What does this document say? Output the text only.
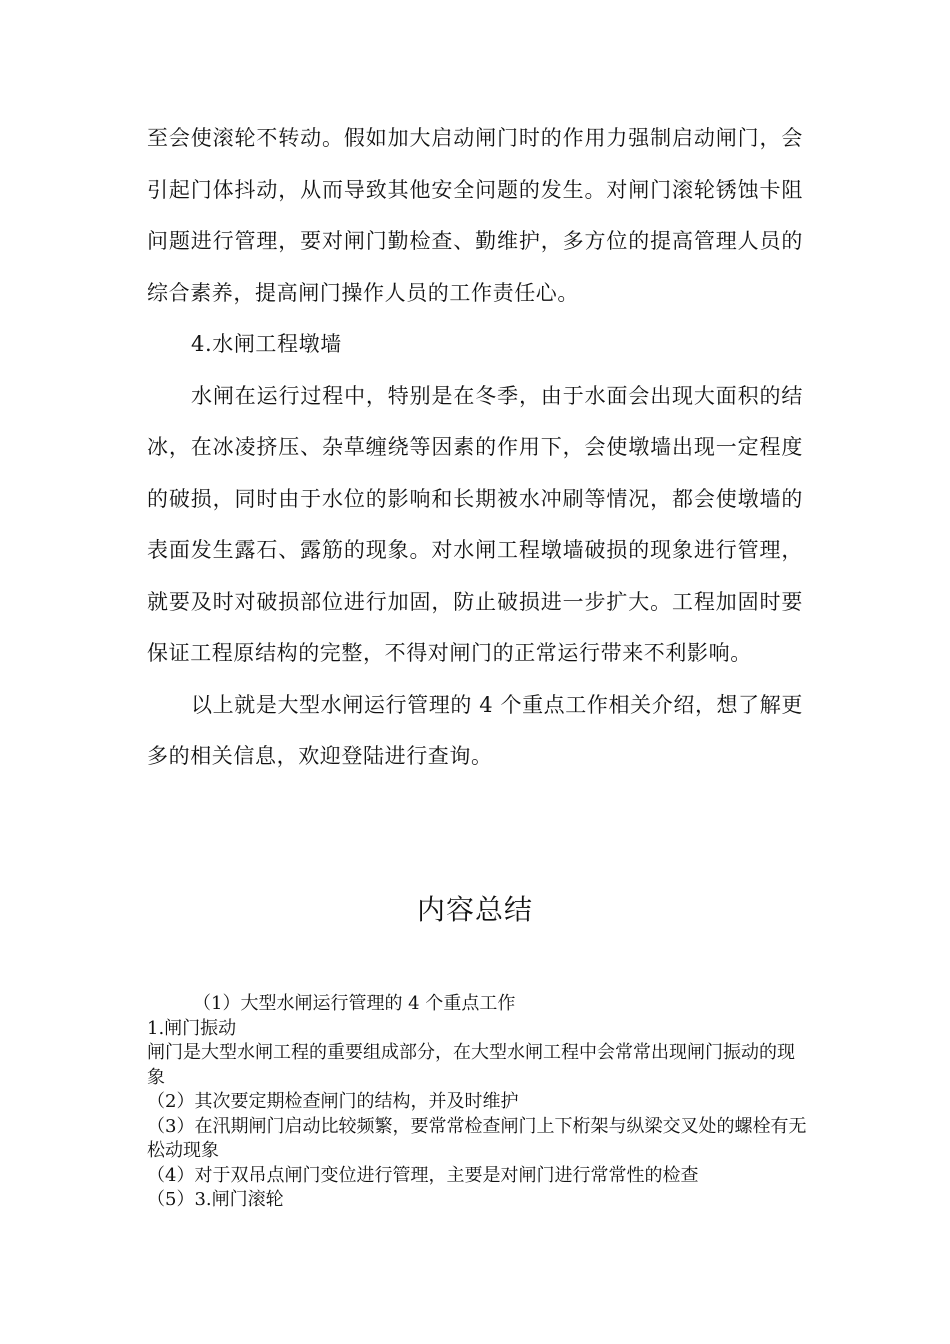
至会使滚轮不转动。假如加大启动闸门时的作用力强制启动闸门，会引起门体抖动，从而导致其他安全问题的发生。对闸门滚轮锈蚀卡阻问题进行管理，要对闸门勤检查、勤维护，多方位的提高管理人员的综合素养，提高闸门操作人员的工作责任心。

4.水闸工程墩墙

水闸在运行过程中，特别是在冬季，由于水面会出现大面积的结冰，在冰凌挤压、杂草缠绕等因素的作用下，会使墩墙出现一定程度的破损，同时由于水位的影响和长期被水冲刷等情况，都会使墩墙的表面发生露石、露筋的现象。对水闸工程墩墙破损的现象进行管理，就要及时对破损部位进行加固，防止破损进一步扩大。工程加固时要保证工程原结构的完整，不得对闸门的正常运行带来不利影响。

以上就是大型水闸运行管理的 4 个重点工作相关介绍，想了解更多的相关信息，欢迎登陆进行查询。

内容总结

（1）大型水闸运行管理的 4 个重点工作

1.闸门振动

闸门是大型水闸工程的重要组成部分，在大型水闸工程中会常常出现闸门振动的现象

（2）其次要定期检查闸门的结构，并及时维护

（3）在汛期闸门启动比较频繁，要常常检查闸门上下桁架与纵梁交叉处的螺栓有无松动现象

（4）对于双吊点闸门变位进行管理，主要是对闸门进行常常性的检查

（5）3.闸门滚轮
